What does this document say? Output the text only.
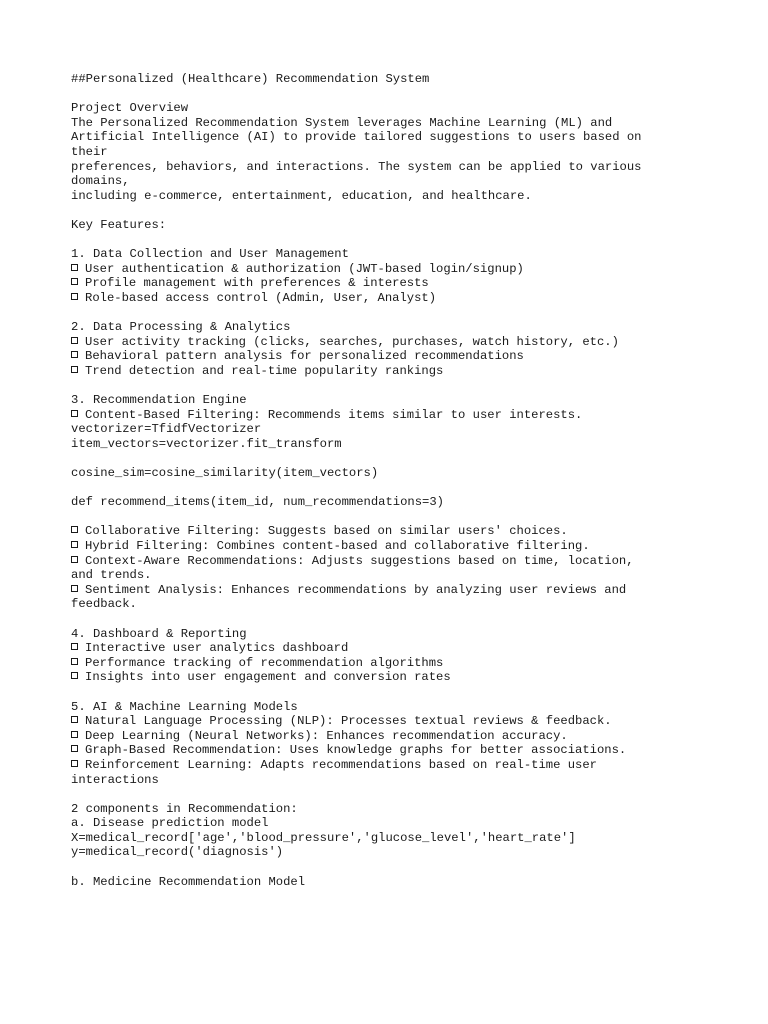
##Personalized (Healthcare) Recommendation System
Project Overview
The Personalized Recommendation System leverages Machine Learning (ML) and
Artificial Intelligence (AI) to provide tailored suggestions to users based on
their
preferences, behaviors, and interactions. The system can be applied to various
domains,
including e-commerce, entertainment, education, and healthcare.
Key Features:
1. Data Collection and User Management
User authentication & authorization (JWT-based login/signup)
Profile management with preferences & interests
Role-based access control (Admin, User, Analyst)
2. Data Processing & Analytics
User activity tracking (clicks, searches, purchases, watch history, etc.)
Behavioral pattern analysis for personalized recommendations
Trend detection and real-time popularity rankings
3. Recommendation Engine
Content-Based Filtering: Recommends items similar to user interests.
vectorizer=TfidfVectorizer
item_vectors=vectorizer.fit_transform
cosine_sim=cosine_similarity(item_vectors)
def recommend_items(item_id, num_recommendations=3)
Collaborative Filtering: Suggests based on similar users' choices.
Hybrid Filtering: Combines content-based and collaborative filtering.
Context-Aware Recommendations: Adjusts suggestions based on time, location,
and trends.
Sentiment Analysis: Enhances recommendations by analyzing user reviews and
feedback.
4. Dashboard & Reporting
Interactive user analytics dashboard
Performance tracking of recommendation algorithms
Insights into user engagement and conversion rates
5. AI & Machine Learning Models
Natural Language Processing (NLP): Processes textual reviews & feedback.
Deep Learning (Neural Networks): Enhances recommendation accuracy.
Graph-Based Recommendation: Uses knowledge graphs for better associations.
Reinforcement Learning: Adapts recommendations based on real-time user
interactions
2 components in Recommendation:
a. Disease prediction model
X=medical_record['age','blood_pressure','glucose_level','heart_rate']
y=medical_record('diagnosis')
b. Medicine Recommendation Model
